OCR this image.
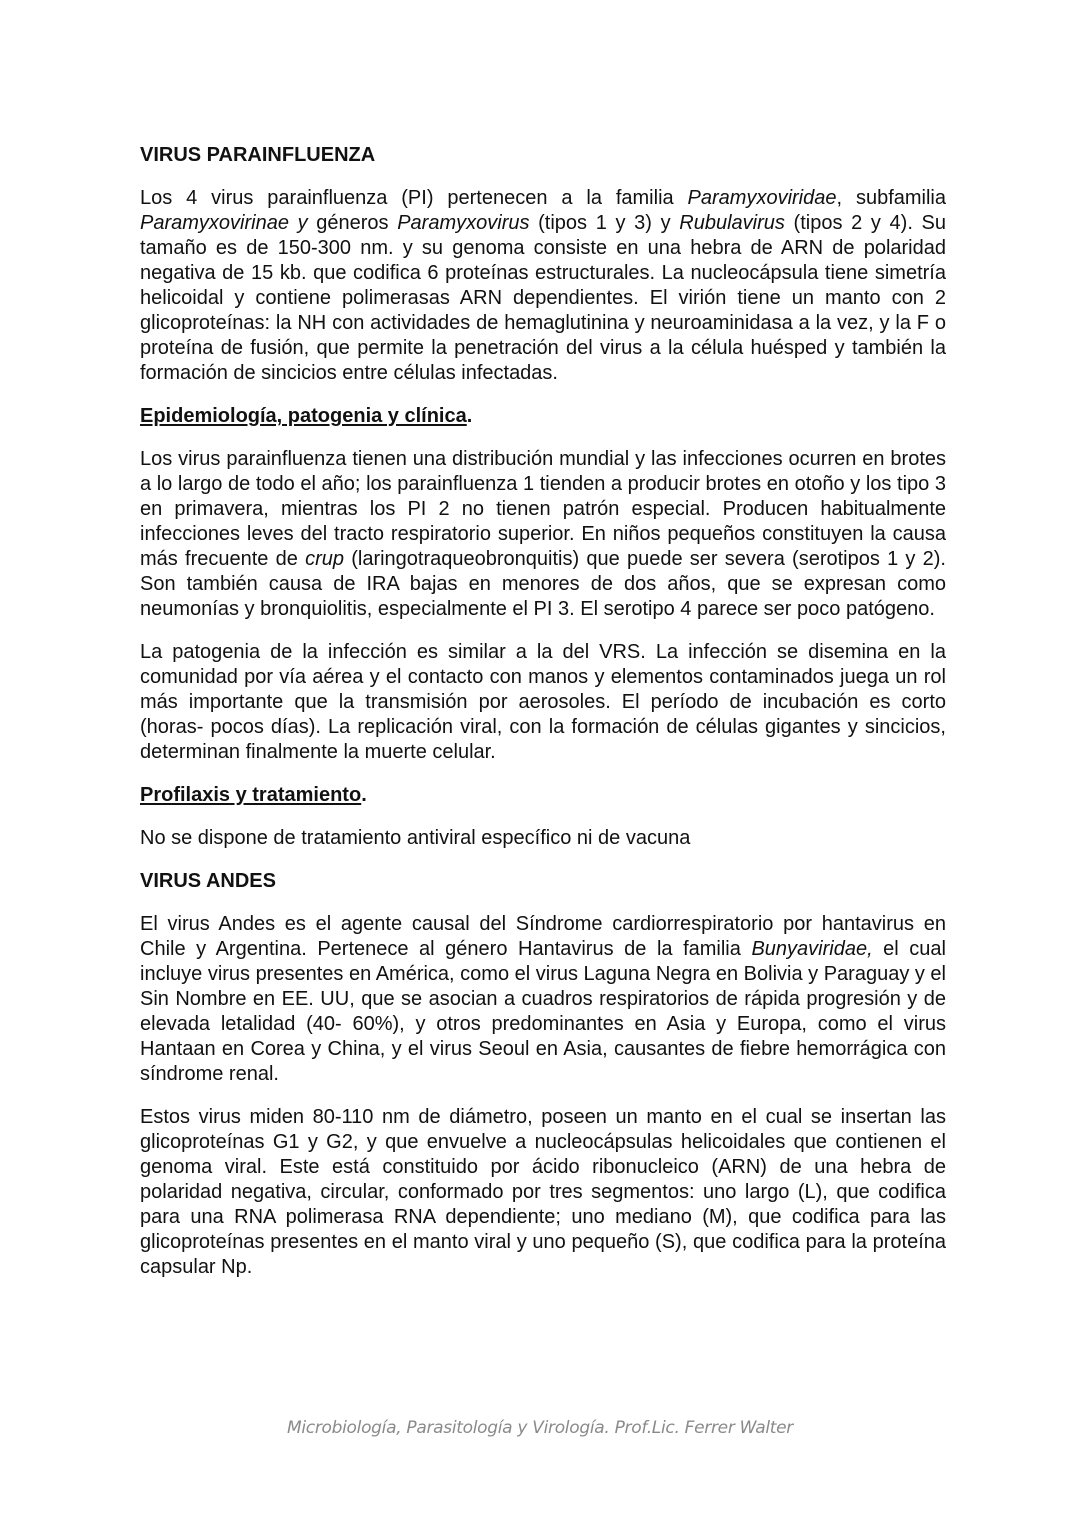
VIRUS PARAINFLUENZA

Los 4 virus parainfluenza (PI) pertenecen a la familia Paramyxoviridae, subfamilia Paramyxovirinae y géneros Paramyxovirus (tipos 1 y 3) y Rubulavirus (tipos 2 y 4). Su tamaño es de 150-300 nm. y su genoma consiste en una hebra de ARN de polaridad negativa de 15 kb. que codifica 6 proteínas estructurales. La nucleocápsula tiene simetría helicoidal y contiene polimerasas ARN dependientes. El virión tiene un manto con 2 glicoproteínas: la NH con actividades de hemaglutinina y neuroaminidasa a la vez, y la F o proteína de fusión, que permite la penetración del virus a la célula huésped y también la formación de sincicios entre células infectadas.

Epidemiología, patogenia y clínica.

Los virus parainfluenza tienen una distribución mundial y las infecciones ocurren en brotes a lo largo de todo el año; los parainfluenza 1 tienden a producir brotes en otoño y los tipo 3 en primavera, mientras los PI 2 no tienen patrón especial. Producen habitualmente infecciones leves del tracto respiratorio superior. En niños pequeños constituyen la causa más frecuente de crup (laringotraqueobronquitis) que puede ser severa (serotipos 1 y 2). Son también causa de IRA bajas en menores de dos años, que se expresan como neumonías y bronquiolitis, especialmente el PI 3. El serotipo 4 parece ser poco patógeno.

La patogenia de la infección es similar a la del VRS. La infección se disemina en la comunidad por vía aérea y el contacto con manos y elementos contaminados juega un rol más importante que la transmisión por aerosoles. El período de incubación es corto (horas- pocos días). La replicación viral, con la formación de células gigantes y sincicios, determinan finalmente la muerte celular.

Profilaxis y tratamiento.

No se dispone de tratamiento antiviral específico ni de vacuna

VIRUS ANDES

El virus Andes es el agente causal del Síndrome cardiorrespiratorio por hantavirus en Chile y Argentina. Pertenece al género Hantavirus de la familia Bunyaviridae, el cual incluye virus presentes en América, como el virus Laguna Negra en Bolivia y Paraguay y el Sin Nombre en EE. UU, que se asocian a cuadros respiratorios de rápida progresión y de elevada letalidad (40- 60%), y otros predominantes en Asia y Europa, como el virus Hantaan en Corea y China, y el virus Seoul en Asia, causantes de fiebre hemorrágica con síndrome renal.

Estos virus miden 80-110 nm de diámetro, poseen un manto en el cual se insertan las glicoproteínas G1 y G2, y que envuelve a nucleocápsulas helicoidales que contienen el genoma viral. Este está constituido por ácido ribonucleico (ARN) de una hebra de polaridad negativa, circular, conformado por tres segmentos: uno largo (L), que codifica para una RNA polimerasa RNA dependiente; uno mediano (M), que codifica para las glicoproteínas presentes en el manto viral y uno pequeño (S), que codifica para la proteína capsular Np.

Microbiología, Parasitología y Virología. Prof.Lic. Ferrer Walter
